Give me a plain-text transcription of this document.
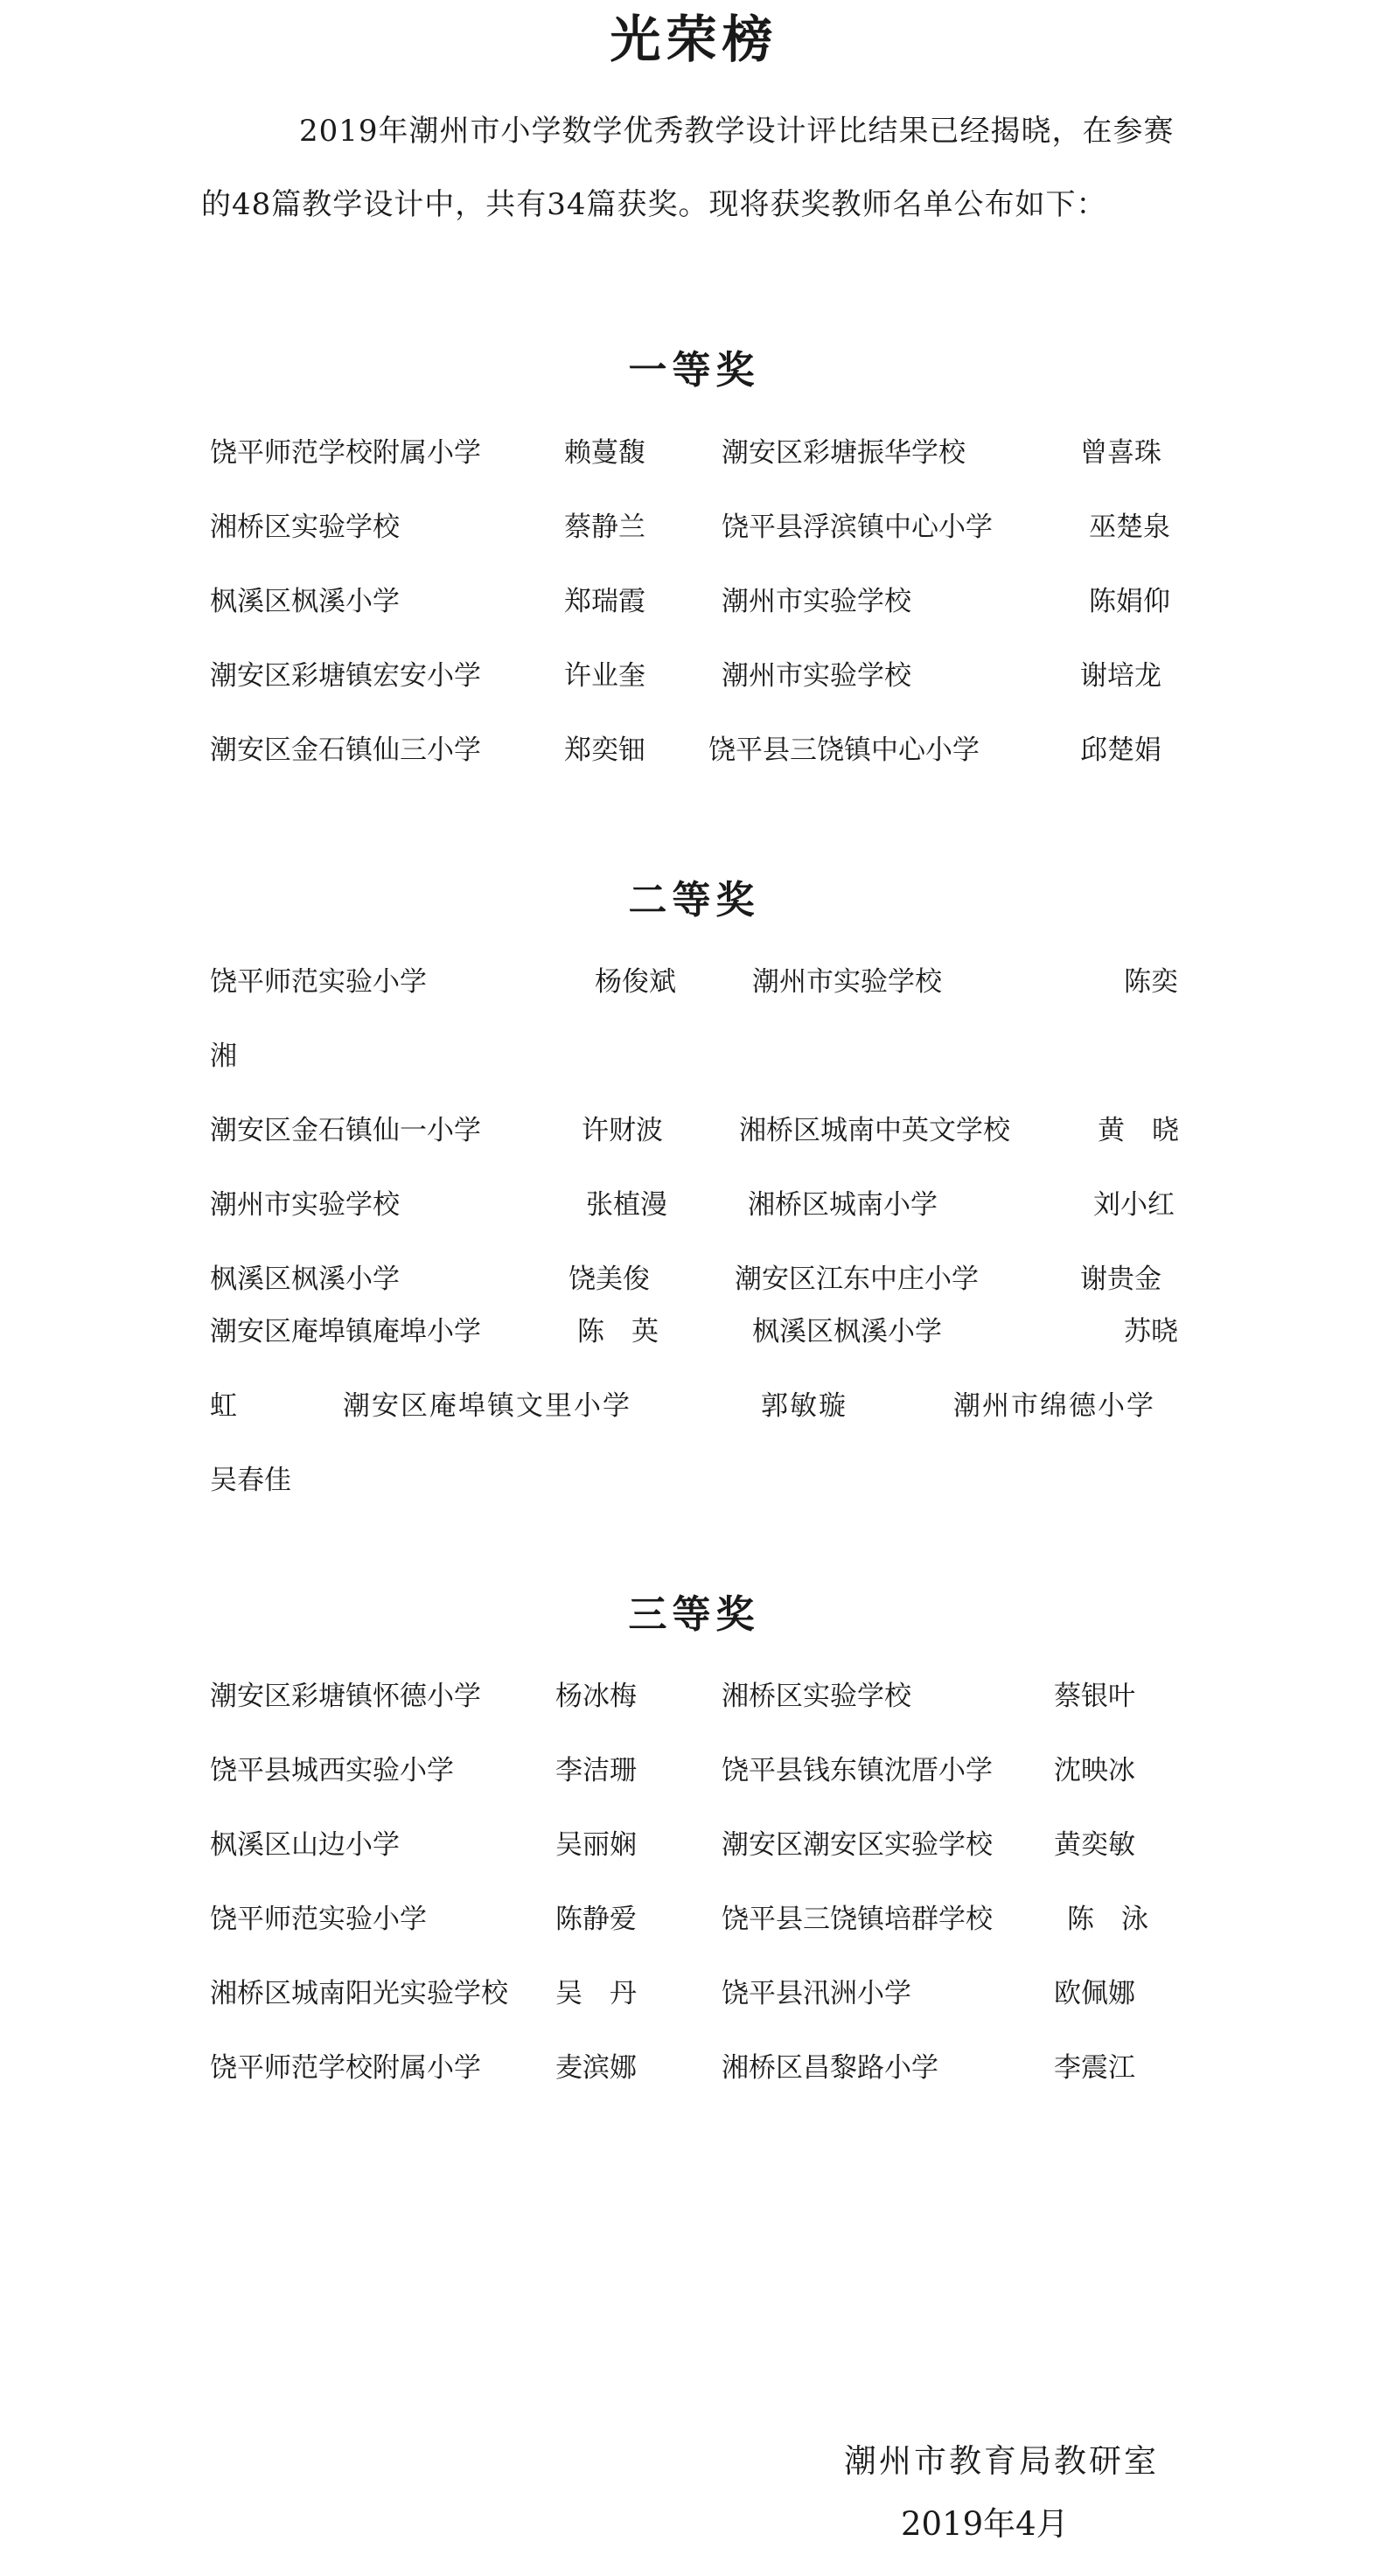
光荣榜
2019年潮州市小学数学优秀教学设计评比结果已经揭晓，在参赛的48篇教学设计中，共有34篇获奖。现将获奖教师名单公布如下：
一等奖
饶平师范学校附属小学	赖蔓馥	潮安区彩塘振华学校	曾喜珠
湘桥区实验学校	蔡静兰	饶平县浮滨镇中心小学	巫楚泉
枫溪区枫溪小学	郑瑞霞	潮州市实验学校	陈娟仰
潮安区彩塘镇宏安小学	许业奎	潮州市实验学校	谢培龙
潮安区金石镇仙三小学	郑奕钿 饶平县三饶镇中心小学	邱楚娟
二等奖
饶平师范实验小学	杨俊斌	潮州市实验学校	陈奕
湘
潮安区金石镇仙一小学	许财波	湘桥区城南中英文学校	黄　晓
潮州市实验学校	张植漫	湘桥区城南小学	刘小红
枫溪区枫溪小学	饶美俊	潮安区江东中庄小学	谢贵金
潮安区庵埠镇庵埠小学	陈　英	枫溪区枫溪小学	苏晓
虹	潮安区庵埠镇文里小学	郭敏璇	潮州市绵德小学
吴春佳
三等奖
潮安区彩塘镇怀德小学	杨冰梅	湘桥区实验学校	蔡银叶
饶平县城西实验小学	李洁珊	饶平县钱东镇沈厝小学 沈映冰
枫溪区山边小学	吴丽娴	潮安区潮安区实验学校 黄奕敏
饶平师范实验小学	陈静爱	饶平县三饶镇培群学校	陈　泳
湘桥区城南阳光实验学校 吴　丹	饶平县汛洲小学	欧佩娜
饶平师范学校附属小学	麦滨娜	湘桥区昌黎路小学	李震江
潮州市教育局教研室
2019年4月
